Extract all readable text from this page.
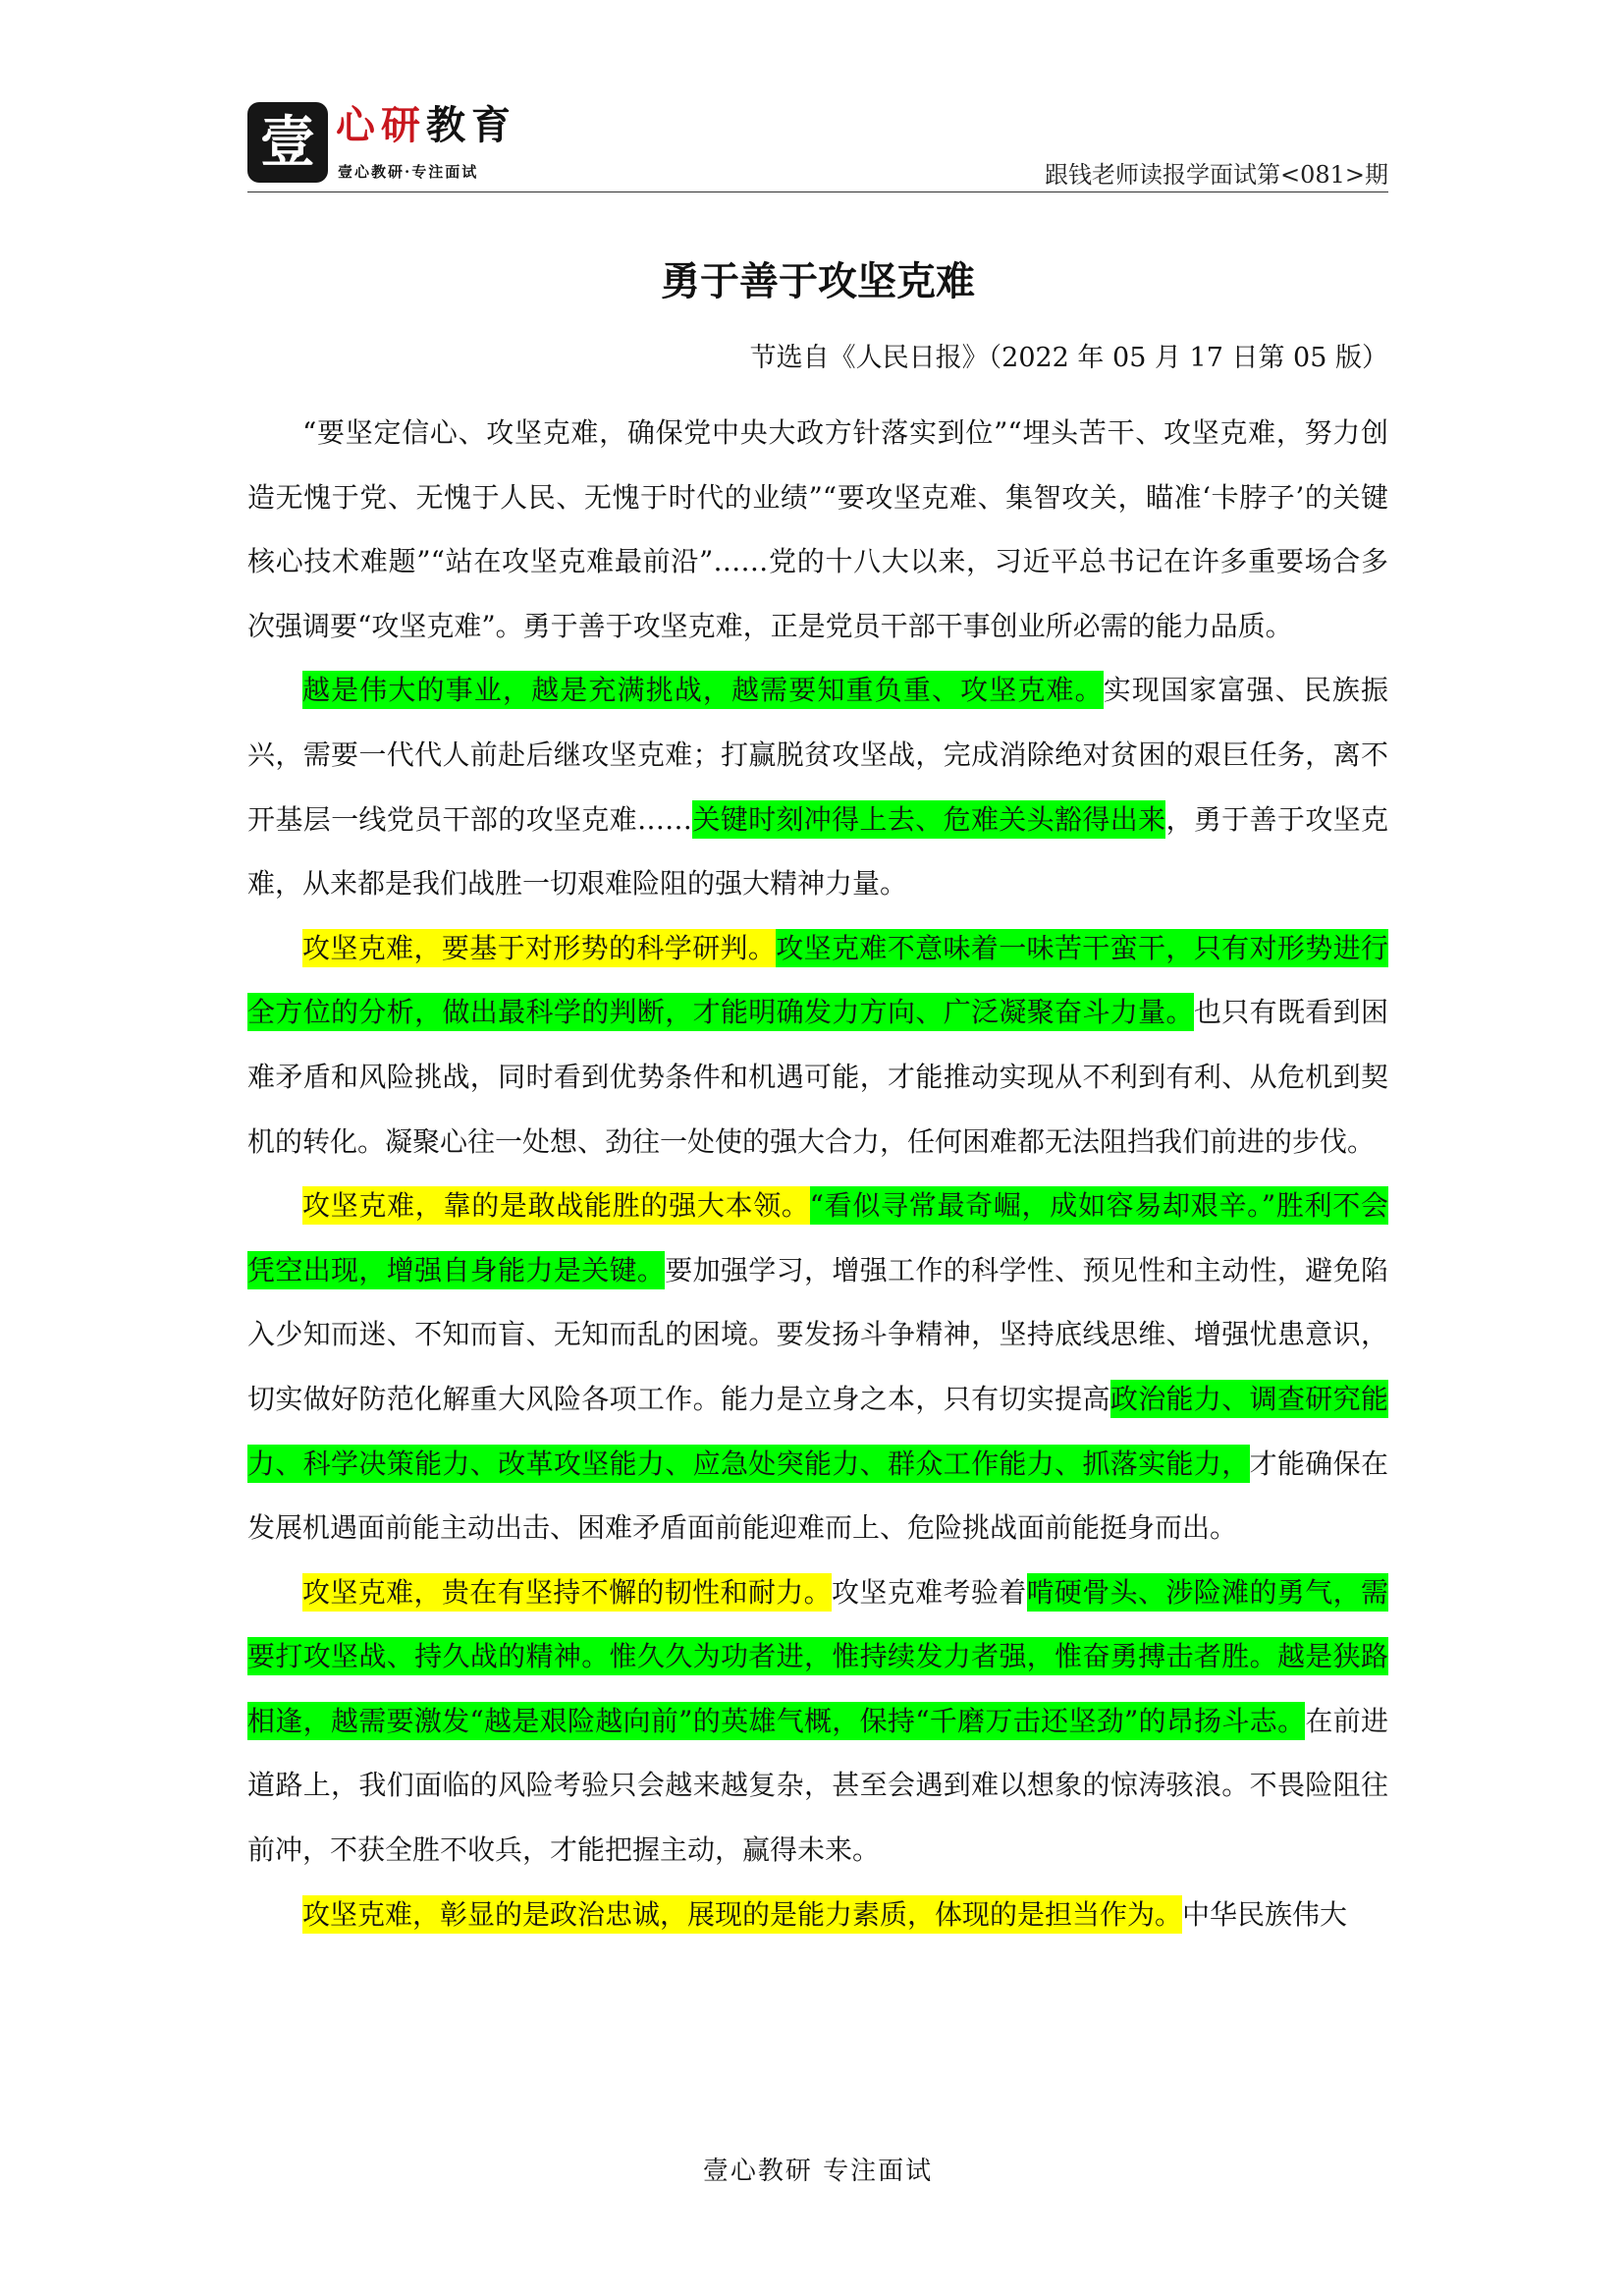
壹 心研教育
壹心教研·专注面试	跟钱老师读报学面试第<081>期
勇于善于攻坚克难
节选自《人民日报》（2022 年 05 月 17 日第 05 版）

“要坚定信心、攻坚克难，确保党中央大政方针落实到位”“埋头苦干、攻坚克难，努力创造无愧于党、无愧于人民、无愧于时代的业绩”“要攻坚克难、集智攻关，瞄准‘卡脖子’的关键核心技术难题”“站在攻坚克难最前沿”……党的十八大以来，习近平总书记在许多重要场合多次强调要“攻坚克难”。勇于善于攻坚克难，正是党员干部干事创业所必需的能力品质。

越是伟大的事业，越是充满挑战，越需要知重负重、攻坚克难。实现国家富强、民族振兴，需要一代代人前赴后继攻坚克难；打赢脱贫攻坚战，完成消除绝对贫困的艰巨任务，离不开基层一线党员干部的攻坚克难……关键时刻冲得上去、危难关头豁得出来，勇于善于攻坚克难，从来都是我们战胜一切艰难险阻的强大精神力量。

攻坚克难，要基于对形势的科学研判。攻坚克难不意味着一味苦干蛮干，只有对形势进行全方位的分析，做出最科学的判断，才能明确发力方向、广泛凝聚奋斗力量。也只有既看到困难矛盾和风险挑战，同时看到优势条件和机遇可能，才能推动实现从不利到有利、从危机到契机的转化。凝聚心往一处想、劲往一处使的强大合力，任何困难都无法阻挡我们前进的步伐。

攻坚克难，靠的是敢战能胜的强大本领。“看似寻常最奇崛，成如容易却艰辛。”胜利不会凭空出现，增强自身能力是关键。要加强学习，增强工作的科学性、预见性和主动性，避免陷入少知而迷、不知而盲、无知而乱的困境。要发扬斗争精神，坚持底线思维、增强忧患意识，切实做好防范化解重大风险各项工作。能力是立身之本，只有切实提高政治能力、调查研究能力、科学决策能力、改革攻坚能力、应急处突能力、群众工作能力、抓落实能力，才能确保在发展机遇面前能主动出击、困难矛盾面前能迎难而上、危险挑战面前能挺身而出。

攻坚克难，贵在有坚持不懈的韧性和耐力。攻坚克难考验着啃硬骨头、涉险滩的勇气，需要打攻坚战、持久战的精神。惟久久为功者进，惟持续发力者强，惟奋勇搏击者胜。越是狭路相逢，越需要激发“越是艰险越向前”的英雄气概，保持“千磨万击还坚劲”的昂扬斗志。在前进道路上，我们面临的风险考验只会越来越复杂，甚至会遇到难以想象的惊涛骇浪。不畏险阻往前冲，不获全胜不收兵，才能把握主动，赢得未来。

攻坚克难，彰显的是政治忠诚，展现的是能力素质，体现的是担当作为。中华民族伟大

壹心教研 专注面试
